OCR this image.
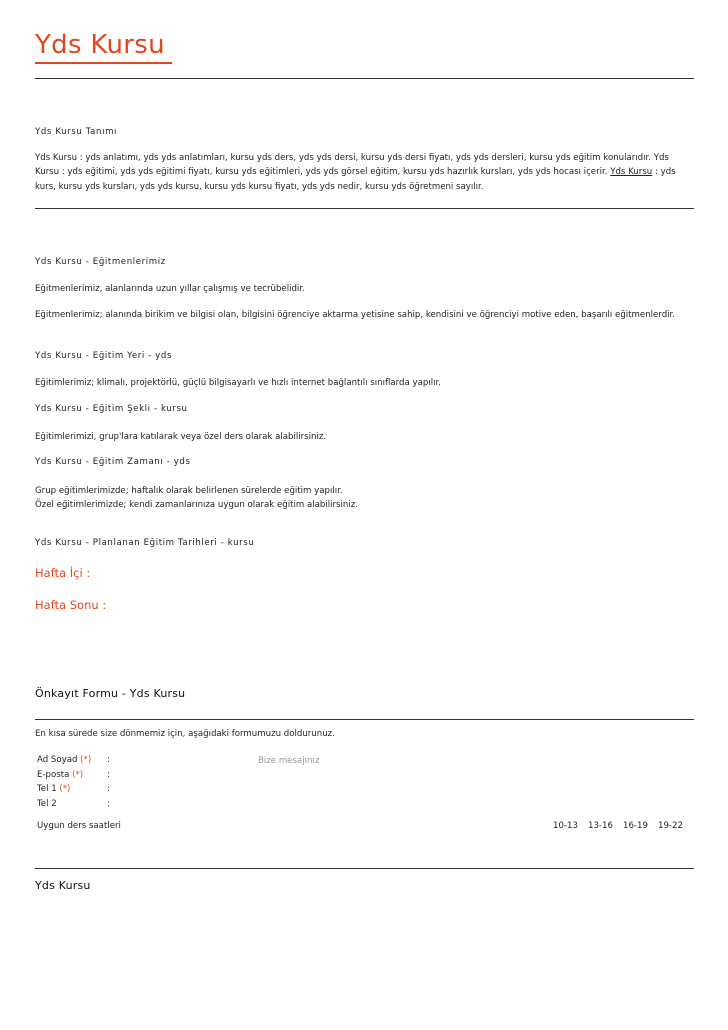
Yds Kursu
Yds Kursu Tanımı
Yds Kursu : yds anlatımı, yds yds anlatımları, kursu yds ders, yds yds dersi, kursu yds dersi fiyatı, yds yds dersleri, kursu yds eğitim konularıdır. Yds Kursu : yds eğitimi, yds yds eğitimi fiyatı, kursu yds eğitimleri, yds yds görsel eğitim, kursu yds hazırlık kursları, yds yds hocası içerir. Yds Kursu : yds kurs, kursu yds kursları, yds yds kursu, kursu yds kursu fiyatı, yds yds nedir, kursu yds öğretmeni sayılır.
Yds Kursu - Eğitmenlerimiz
Eğitmenlerimiz, alanlarında uzun yıllar çalışmış ve tecrübelidir.
Eğitmenlerimiz; alanında birikim ve bilgisi olan, bilgisini öğrenciye aktarma yetisine sahip, kendisini ve öğrenciyi motive eden, başarılı eğitmenlerdir.
Yds Kursu - Eğitim Yeri - yds
Eğitimlerimiz; klimalı, projektörlü, güçlü bilgisayarlı ve hızlı internet bağlantılı sınıflarda yapılır.
Yds Kursu - Eğitim Şekli - kursu
Eğitimlerimizi, grup'lara katılarak veya özel ders olarak alabilirsiniz.
Yds Kursu - Eğitim Zamanı - yds
Grup eğitimlerimizde; haftalık olarak belirlenen sürelerde eğitim yapılır.
Özel eğitimlerimizde; kendi zamanlarınıza uygun olarak eğitim alabilirsiniz.
Yds Kursu - Planlanan Eğitim Tarihleri - kursu
Hafta İçi :
Hafta Sonu :
Önkayıt Formu - Yds Kursu
En kısa sürede size dönmemiz için, aşağıdaki formumuzu doldurunuz.
Ad Soyad (*) :
E-posta (*)	:
Tel 1 (*)	:
Tel 2	:
Bize mesajınız
Uygun ders saatleri	10-13 13-16 16-19 19-22
Yds Kursu
